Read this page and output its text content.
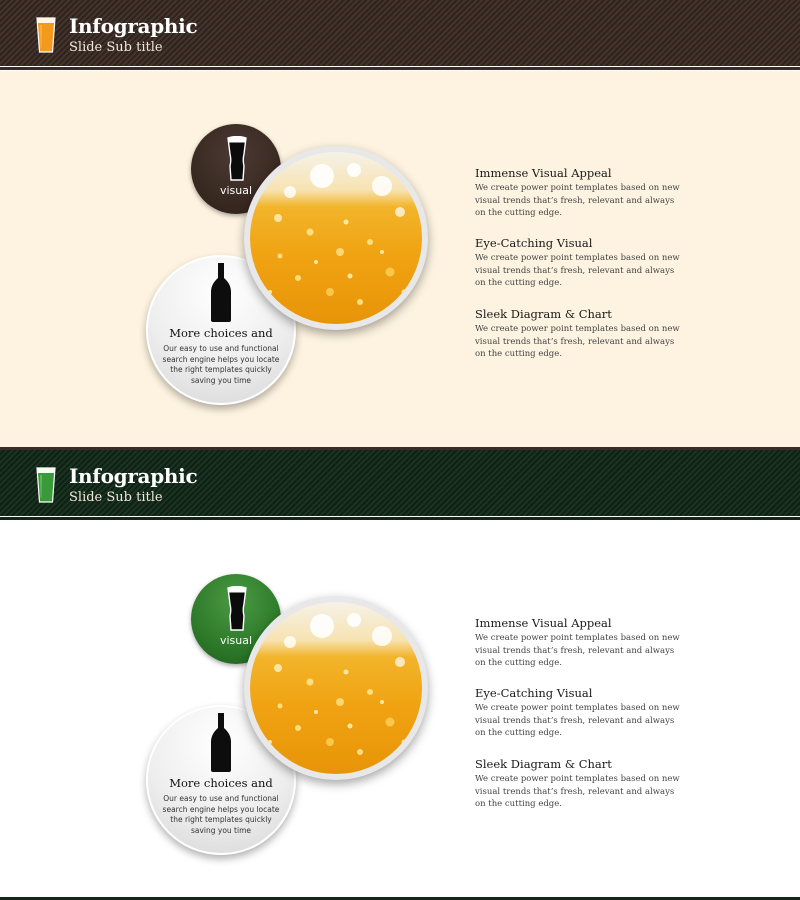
Infographic
Slide Sub title
visual
More choices and
Our easy to use and functional search engine helps you locate the right templates quickly saving you time
Immense Visual Appeal
We create power point templates based on new visual trends that’s fresh, relevant and always on the cutting edge.
Eye-Catching Visual
We create power point templates based on new visual trends that’s fresh, relevant and always on the cutting edge.
Sleek Diagram & Chart
We create power point templates based on new visual trends that’s fresh, relevant and always on the cutting edge.
Infographic
Slide Sub title
visual
More choices and
Our easy to use and functional search engine helps you locate the right templates quickly saving you time
Immense Visual Appeal
We create power point templates based on new visual trends that’s fresh, relevant and always on the cutting edge.
Eye-Catching Visual
We create power point templates based on new visual trends that’s fresh, relevant and always on the cutting edge.
Sleek Diagram & Chart
We create power point templates based on new visual trends that’s fresh, relevant and always on the cutting edge.
